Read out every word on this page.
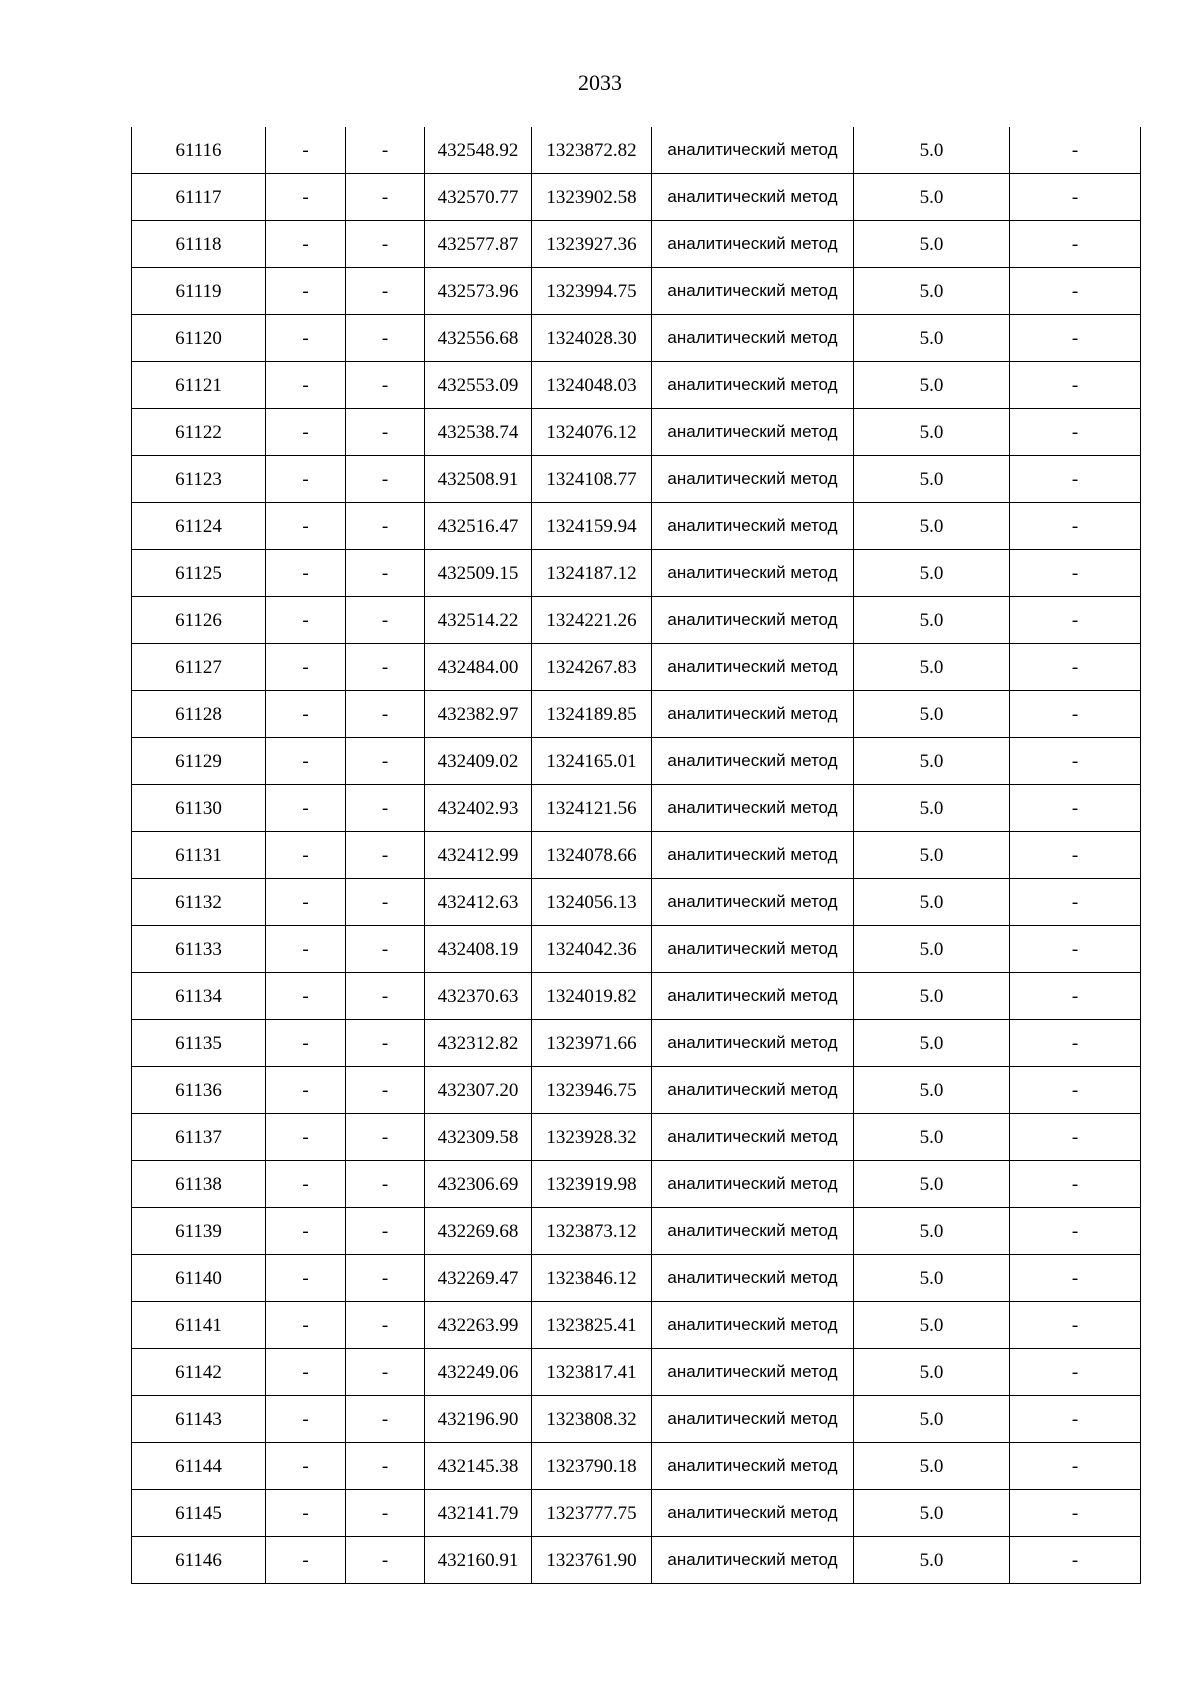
2033
61116	-	-	432548.92	1323872.82	аналитический метод	5.0	-
61117	-	-	432570.77	1323902.58	аналитический метод	5.0	-
61118	-	-	432577.87	1323927.36	аналитический метод	5.0	-
61119	-	-	432573.96	1323994.75	аналитический метод	5.0	-
61120	-	-	432556.68	1324028.30	аналитический метод	5.0	-
61121	-	-	432553.09	1324048.03	аналитический метод	5.0	-
61122	-	-	432538.74	1324076.12	аналитический метод	5.0	-
61123	-	-	432508.91	1324108.77	аналитический метод	5.0	-
61124	-	-	432516.47	1324159.94	аналитический метод	5.0	-
61125	-	-	432509.15	1324187.12	аналитический метод	5.0	-
61126	-	-	432514.22	1324221.26	аналитический метод	5.0	-
61127	-	-	432484.00	1324267.83	аналитический метод	5.0	-
61128	-	-	432382.97	1324189.85	аналитический метод	5.0	-
61129	-	-	432409.02	1324165.01	аналитический метод	5.0	-
61130	-	-	432402.93	1324121.56	аналитический метод	5.0	-
61131	-	-	432412.99	1324078.66	аналитический метод	5.0	-
61132	-	-	432412.63	1324056.13	аналитический метод	5.0	-
61133	-	-	432408.19	1324042.36	аналитический метод	5.0	-
61134	-	-	432370.63	1324019.82	аналитический метод	5.0	-
61135	-	-	432312.82	1323971.66	аналитический метод	5.0	-
61136	-	-	432307.20	1323946.75	аналитический метод	5.0	-
61137	-	-	432309.58	1323928.32	аналитический метод	5.0	-
61138	-	-	432306.69	1323919.98	аналитический метод	5.0	-
61139	-	-	432269.68	1323873.12	аналитический метод	5.0	-
61140	-	-	432269.47	1323846.12	аналитический метод	5.0	-
61141	-	-	432263.99	1323825.41	аналитический метод	5.0	-
61142	-	-	432249.06	1323817.41	аналитический метод	5.0	-
61143	-	-	432196.90	1323808.32	аналитический метод	5.0	-
61144	-	-	432145.38	1323790.18	аналитический метод	5.0	-
61145	-	-	432141.79	1323777.75	аналитический метод	5.0	-
61146	-	-	432160.91	1323761.90	аналитический метод	5.0	-
